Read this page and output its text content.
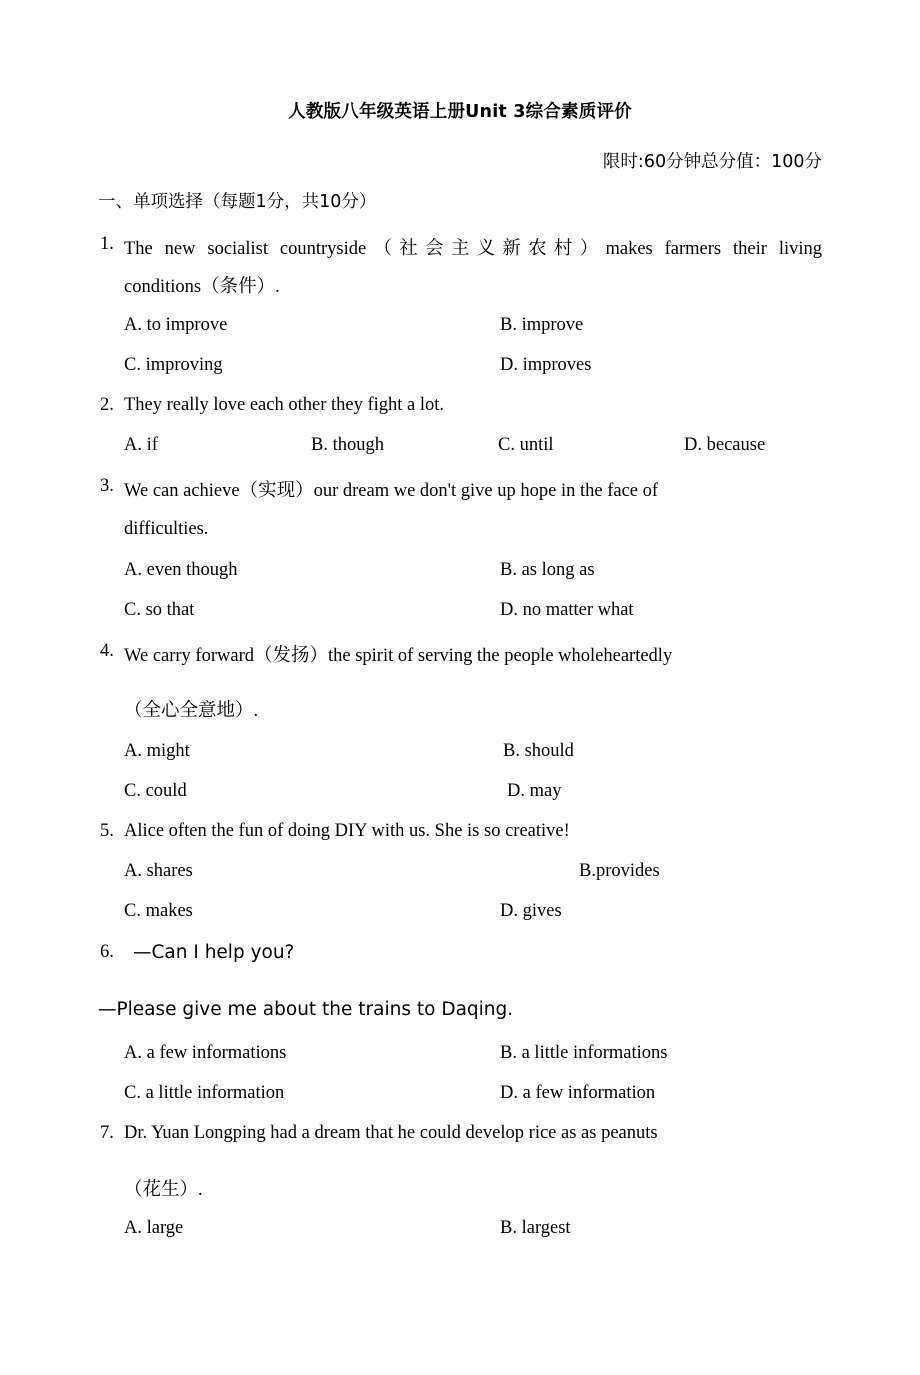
人教版八年级英语上册Unit 3综合素质评价
限时:60分钟总分值：100分
一、单项选择（每题1分，共10分）
1. The new socialist countryside（社会主义新农村）makes farmers their living
conditions（条件）.
A. to improve	B. improve
C. improving	D. improves
2. They really love each other they fight a lot.
A. if	B. though	C. until	D. because
3. We can achieve（实现）our dream we don't give up hope in the face of
difficulties.
A. even though	B. as long as
C. so that	D. no matter what
4. We carry forward（发扬）the spirit of serving the people wholeheartedly
（全心全意地）.
A. might	B. should
C. could	D. may
5. Alice often the fun of doing DIY with us. She is so creative!
A. shares	B.provides
C. makes	D. gives
6. —Can I help you?
—Please give me about the trains to Daqing.
A. a few informations	B. a little informations
C. a little information	D. a few information
7. Dr. Yuan Longping had a dream that he could develop rice as as peanuts
（花生）.
A. large	B. largest
